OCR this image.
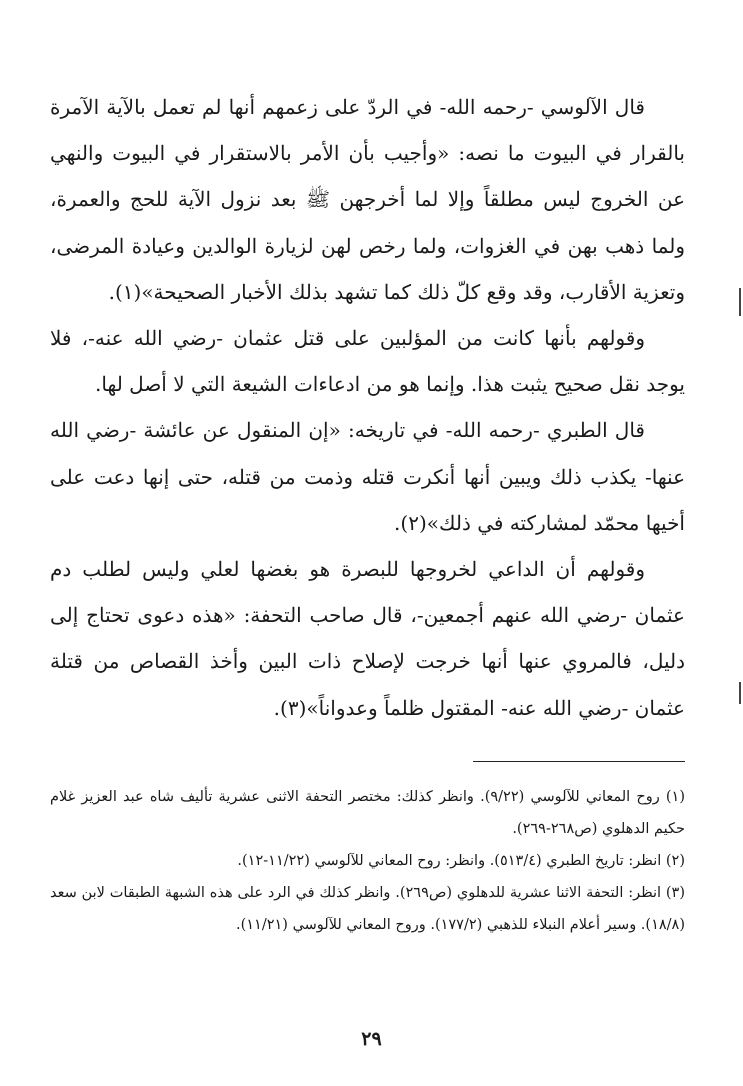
قال الآلوسي -رحمه الله- في الردّ على زعمهم أنها لم تعمل بالآية الآمرة بالقرار في البيوت ما نصه: «وأجيب بأن الأمر بالاستقرار في البيوت والنهي عن الخروج ليس مطلقاً وإلا لما أخرجهن ﷺ بعد نزول الآية للحج والعمرة، ولما ذهب بهن في الغزوات، ولما رخص لهن لزيارة الوالدين وعيادة المرضى، وتعزية الأقارب، وقد وقع كلّ ذلك كما تشهد بذلك الأخبار الصحيحة»(١).

وقولهم بأنها كانت من المؤلبين على قتل عثمان -رضي الله عنه-، فلا يوجد نقل صحيح يثبت هذا. وإنما هو من ادعاءات الشيعة التي لا أصل لها.

قال الطبري -رحمه الله- في تاريخه: «إن المنقول عن عائشة -رضي الله عنها- يكذب ذلك ويبين أنها أنكرت قتله وذمت من قتله، حتى إنها دعت على أخيها محمّد لمشاركته في ذلك»(٢).

وقولهم أن الداعي لخروجها للبصرة هو بغضها لعلي وليس لطلب دم عثمان -رضي الله عنهم أجمعين-، قال صاحب التحفة: «هذه دعوى تحتاج إلى دليل، فالمروي عنها أنها خرجت لإصلاح ذات البين وأخذ القصاص من قتلة عثمان -رضي الله عنه- المقتول ظلماً وعدواناً»(٣).

(١) روح المعاني للآلوسي (٩/٢٢). وانظر كذلك: مختصر التحفة الاثنى عشرية تأليف شاه عبد العزيز غلام حكيم الدهلوي (ص٢٦٨-٢٦٩).

(٢) انظر: تاريخ الطبري (٥١٣/٤). وانظر: روح المعاني للآلوسي (١١/٢٢-١٢).

(٣) انظر: التحفة الاثنا عشرية للدهلوي (ص٢٦٩). وانظر كذلك في الرد على هذه الشبهة الطبقات لابن سعد (١٨/٨). وسير أعلام النبلاء للذهبي (١٧٧/٢). وروح المعاني للآلوسي (١١/٢١).

٢٩
